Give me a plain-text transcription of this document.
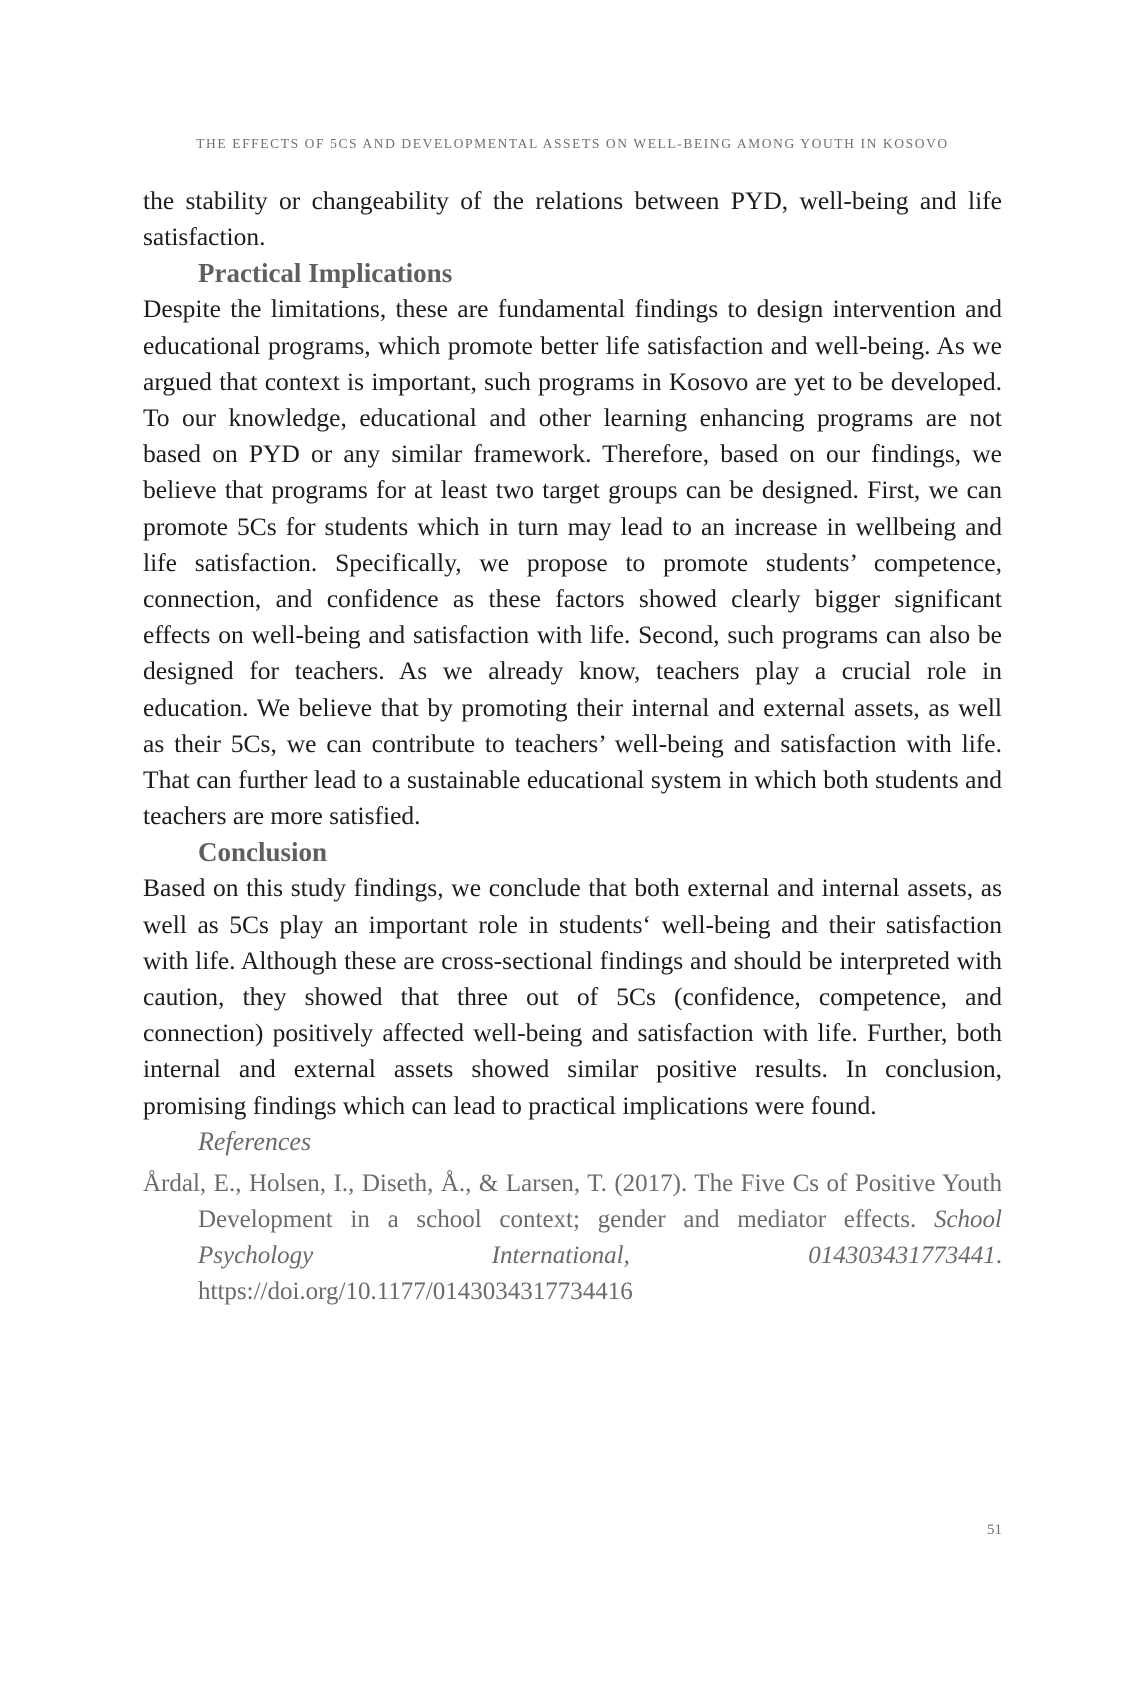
THE EFFECTS OF 5CS AND DEVELOPMENTAL ASSETS ON WELL-BEING AMONG YOUTH IN KOSOVO

the stability or changeability of the relations between PYD, well-being and life satisfaction.

Practical Implications

Despite the limitations, these are fundamental findings to design intervention and educational programs, which promote better life satisfaction and well-being. As we argued that context is important, such programs in Kosovo are yet to be developed. To our knowledge, educational and other learning enhancing programs are not based on PYD or any similar framework. Therefore, based on our findings, we believe that programs for at least two target groups can be designed. First, we can promote 5Cs for students which in turn may lead to an increase in wellbeing and life satisfaction. Specifically, we propose to promote students’ competence, connection, and confidence as these factors showed clearly bigger significant effects on well-being and satisfaction with life. Second, such programs can also be designed for teachers. As we already know, teachers play a crucial role in education. We believe that by promoting their internal and external assets, as well as their 5Cs, we can contribute to teachers’ well-being and satisfaction with life. That can further lead to a sustainable educational system in which both students and teachers are more satisfied.

Conclusion

Based on this study findings, we conclude that both external and internal assets, as well as 5Cs play an important role in students‘ well-being and their satisfaction with life. Although these are cross-sectional findings and should be interpreted with caution, they showed that three out of 5Cs (confidence, competence, and connection) positively affected well-being and satisfaction with life. Further, both internal and external assets showed similar positive results. In conclusion, promising findings which can lead to practical implications were found.

References

Årdal, E., Holsen, I., Diseth, Å., & Larsen, T. (2017). The Five Cs of Positive Youth Development in a school context; gender and mediator effects. School Psychology International, 014303431773441. https://doi.org/10.1177/0143034317734416

51
